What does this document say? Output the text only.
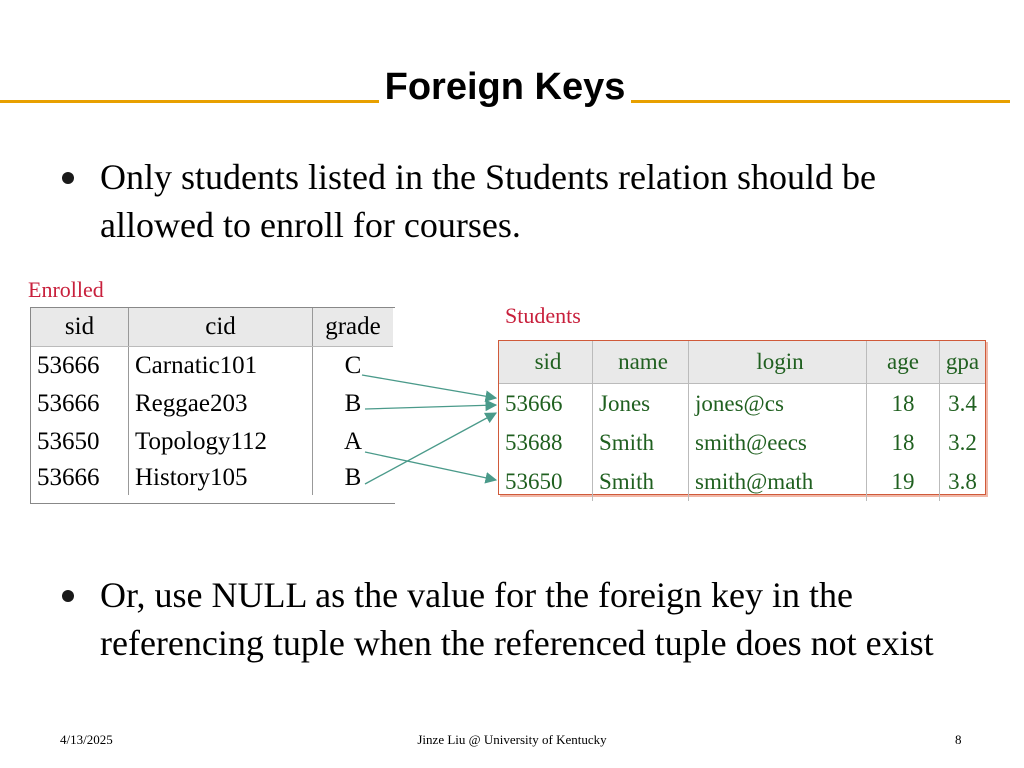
Foreign Keys
Only students listed in the Students relation should be
allowed to enroll for courses.
Enrolled
sid	cid	grade
53666	Carnatic101	C
53666	Reggae203	B
53650	Topology112	A
53666	History105	B
Students
sid	name	login	age	gpa
53666	Jones	jones@cs	18	3.4
53688	Smith	smith@eecs	18	3.2
53650	Smith	smith@math	19	3.8
Or, use NULL as the value for the foreign key in the
referencing tuple when the referenced tuple does not exist
4/13/2025	Jinze Liu @ University of Kentucky	8
